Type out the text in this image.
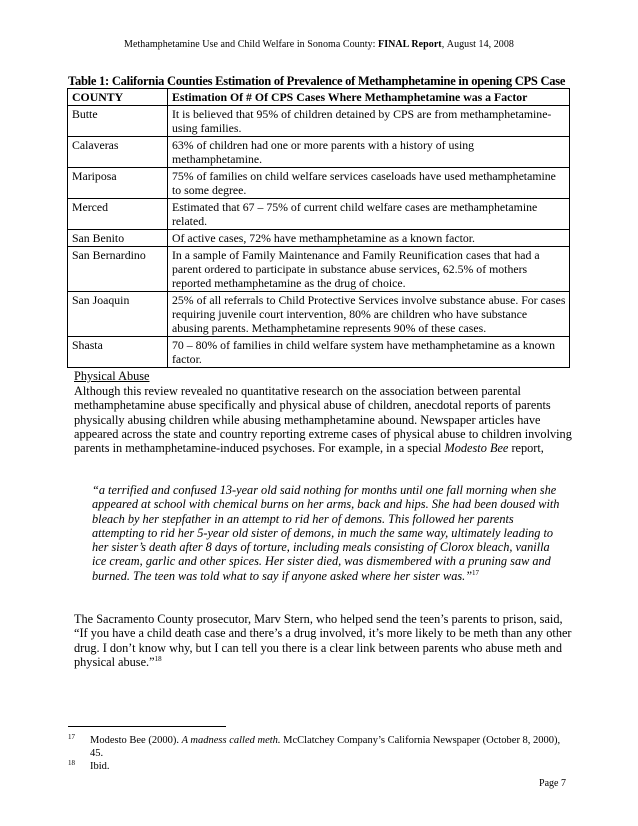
Methamphetamine Use and Child Welfare in Sonoma County: FINAL Report, August 14, 2008
Table 1: California Counties Estimation of Prevalence of Methamphetamine in opening CPS Case
COUNTY	Estimation Of # Of CPS Cases Where Methamphetamine was a Factor
Butte	It is believed that 95% of children detained by CPS are from methamphetamine-using families.
Calaveras	63% of children had one or more parents with a history of using methamphetamine.
Mariposa	75% of families on child welfare services caseloads have used methamphetamine to some degree.
Merced	Estimated that 67 – 75% of current child welfare cases are methamphetamine related.
San Benito	Of active cases, 72% have methamphetamine as a known factor.
San Bernardino	In a sample of Family Maintenance and Family Reunification cases that had a parent ordered to participate in substance abuse services, 62.5% of mothers reported methamphetamine as the drug of choice.
San Joaquin	25% of all referrals to Child Protective Services involve substance abuse. For cases requiring juvenile court intervention, 80% are children who have substance abusing parents. Methamphetamine represents 90% of these cases.
Shasta	70 – 80% of families in child welfare system have methamphetamine as a known factor.
Physical Abuse
Although this review revealed no quantitative research on the association between parental methamphetamine abuse specifically and physical abuse of children, anecdotal reports of parents physically abusing children while abusing methamphetamine abound. Newspaper articles have appeared across the state and country reporting extreme cases of physical abuse to children involving parents in methamphetamine-induced psychoses. For example, in a special Modesto Bee report,
“a terrified and confused 13-year old said nothing for months until one fall morning when she appeared at school with chemical burns on her arms, back and hips. She had been doused with bleach by her stepfather in an attempt to rid her of demons. This followed her parents attempting to rid her 5-year old sister of demons, in much the same way, ultimately leading to her sister’s death after 8 days of torture, including meals consisting of Clorox bleach, vanilla ice cream, garlic and other spices. Her sister died, was dismembered with a pruning saw and burned. The teen was told what to say if anyone asked where her sister was.”$^{17}$
The Sacramento County prosecutor, Marv Stern, who helped send the teen’s parents to prison, said, “If you have a child death case and there’s a drug involved, it’s more likely to be meth than any other drug. I don’t know why, but I can tell you there is a clear link between parents who abuse meth and physical abuse.”$^{18}$
17 Modesto Bee (2000). A madness called meth. McClatchey Company’s California Newspaper (October 8, 2000), 45.
18 Ibid.
Page 7
